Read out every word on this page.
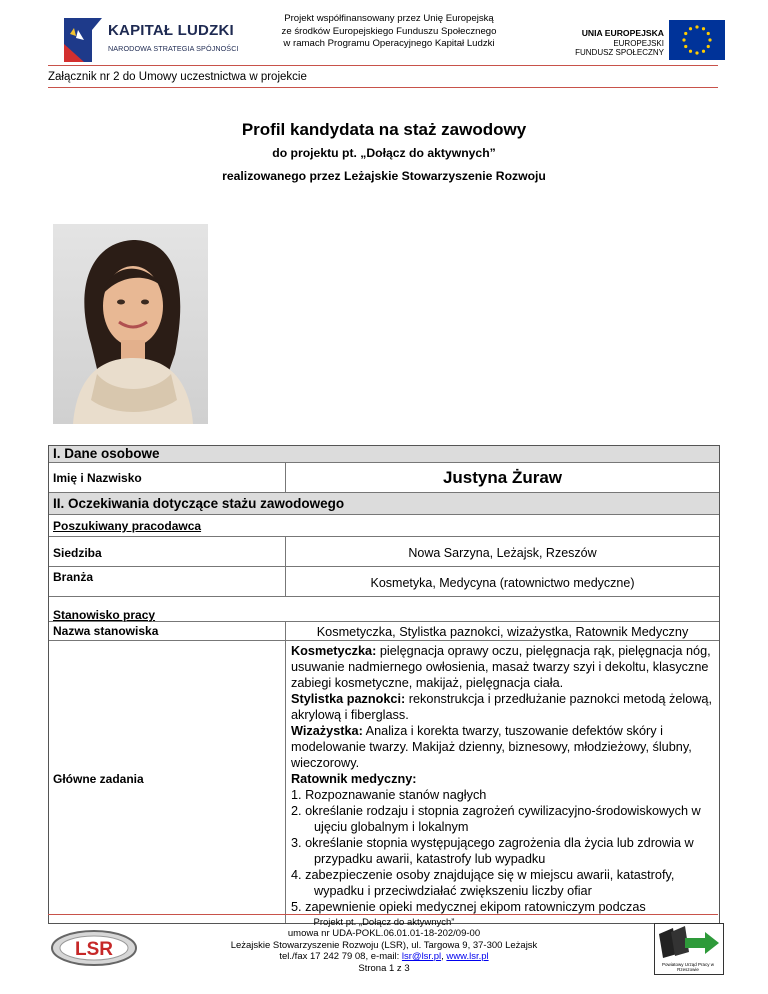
KAPITAŁ LUDZKI
NARODOWA STRATEGIA SPÓJNOŚCI
Projekt współfinansowany przez Unię Europejską
ze środków Europejskiego Funduszu Społecznego
w ramach Programu Operacyjnego Kapitał Ludzki
UNIA EUROPEJSKA
EUROPEJSKI
FUNDUSZ SPOŁECZNY
Załącznik nr 2 do Umowy uczestnictwa w projekcie
Profil kandydata na staż zawodowy
do projektu pt. „Dołącz do aktywnych”
realizowanego przez Leżajskie Stowarzyszenie Rozwoju
I. Dane osobowe
Imię i Nazwisko	Justyna Żuraw
II. Oczekiwania dotyczące stażu zawodowego
Poszukiwany pracodawca
Siedziba	Nowa Sarzyna, Leżajsk, Rzeszów
Branża	Kosmetyka, Medycyna (ratownictwo medyczne)
Stanowisko pracy
Nazwa stanowiska	Kosmetyczka, Stylistka paznokci, wizażystka, Ratownik Medyczny
Główne zadania
Kosmetyczka: pielęgnacja oprawy oczu, pielęgnacja rąk, pielęgnacja nóg, usuwanie nadmiernego owłosienia, masaż twarzy szyi i dekoltu, klasyczne zabiegi kosmetyczne, makijaż, pielęgnacja ciała.
Stylistka paznokci: rekonstrukcja i przedłużanie paznokci metodą żelową, akrylową i fiberglass.
Wizażystka: Analiza i korekta twarzy, tuszowanie defektów skóry i modelowanie twarzy. Makijaż dzienny, biznesowy, młodzieżowy, ślubny, wieczorowy.
Ratownik medyczny:
1. Rozpoznawanie stanów nagłych
2. określanie rodzaju i stopnia zagrożeń cywilizacyjno-środowiskowych w ujęciu globalnym i lokalnym
3. określanie stopnia występującego zagrożenia dla życia lub zdrowia w przypadku awarii, katastrofy lub wypadku
4. zabezpieczenie osoby znajdujące się w miejscu awarii, katastrofy, wypadku i przeciwdziałać zwiększeniu liczby ofiar
5. zapewnienie opieki medycznej ekipom ratowniczym podczas
LSR
Projekt pt. „Dołącz do aktywnych”
umowa nr UDA-POKL.06.01.01-18-202/09-00
Leżajskie Stowarzyszenie Rozwoju (LSR), ul. Targowa 9, 37-300 Leżajsk
tel./fax 17 242 79 08, e-mail: lsr@lsr.pl, www.lsr.pl
Strona 1 z 3	Powiatowy Urząd Pracy w Rzeszowie
